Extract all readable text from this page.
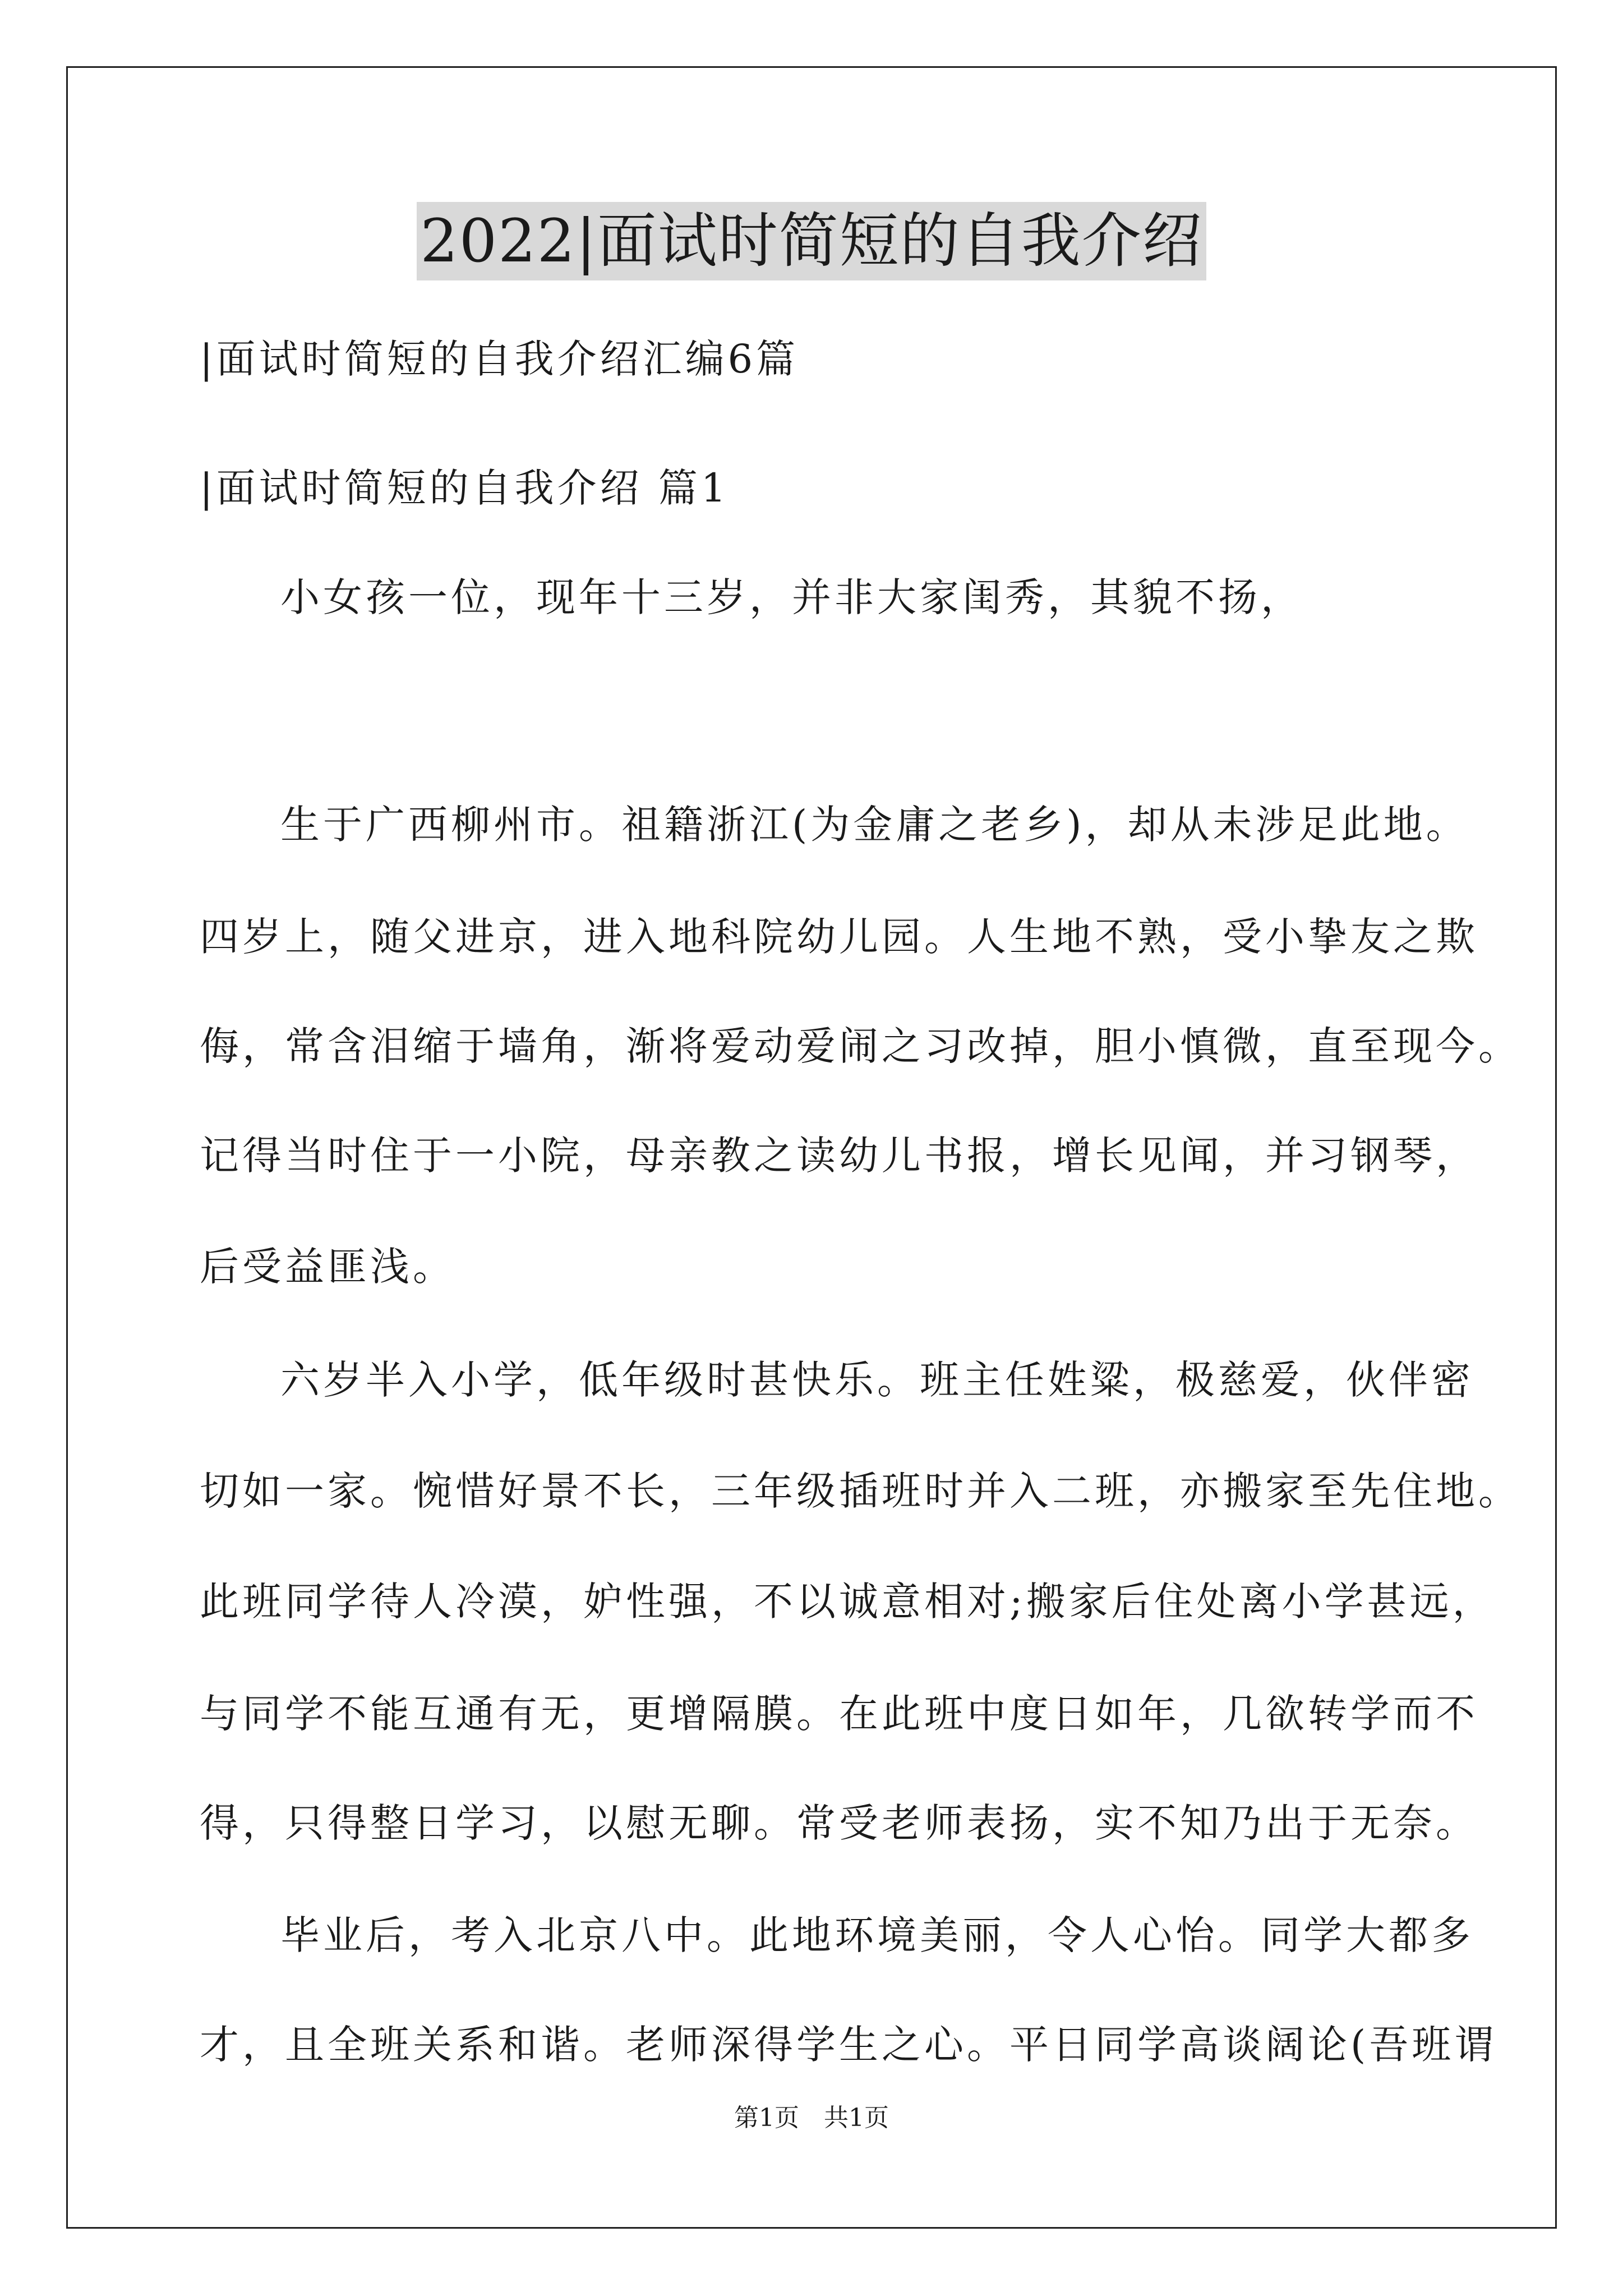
2022|面试时简短的自我介绍
|面试时简短的自我介绍汇编6篇
|面试时简短的自我介绍 篇1
小女孩一位，现年十三岁，并非大家闺秀，其貌不扬，
生于广西柳州市。祖籍浙江(为金庸之老乡)，却从未涉足此地。
四岁上，随父进京，进入地科院幼儿园。人生地不熟，受小挚友之欺
侮，常含泪缩于墙角，渐将爱动爱闹之习改掉，胆小慎微，直至现今。
记得当时住于一小院，母亲教之读幼儿书报，增长见闻，并习钢琴，
后受益匪浅。
六岁半入小学，低年级时甚快乐。班主任姓粱，极慈爱，伙伴密
切如一家。惋惜好景不长，三年级插班时并入二班，亦搬家至先住地。
此班同学待人冷漠，妒性强，不以诚意相对;搬家后住处离小学甚远，
与同学不能互通有无，更增隔膜。在此班中度日如年，几欲转学而不
得，只得整日学习，以慰无聊。常受老师表扬，实不知乃出于无奈。
毕业后，考入北京八中。此地环境美丽，令人心怡。同学大都多
才，且全班关系和谐。老师深得学生之心。平日同学高谈阔论(吾班谓
第1页　共1页
